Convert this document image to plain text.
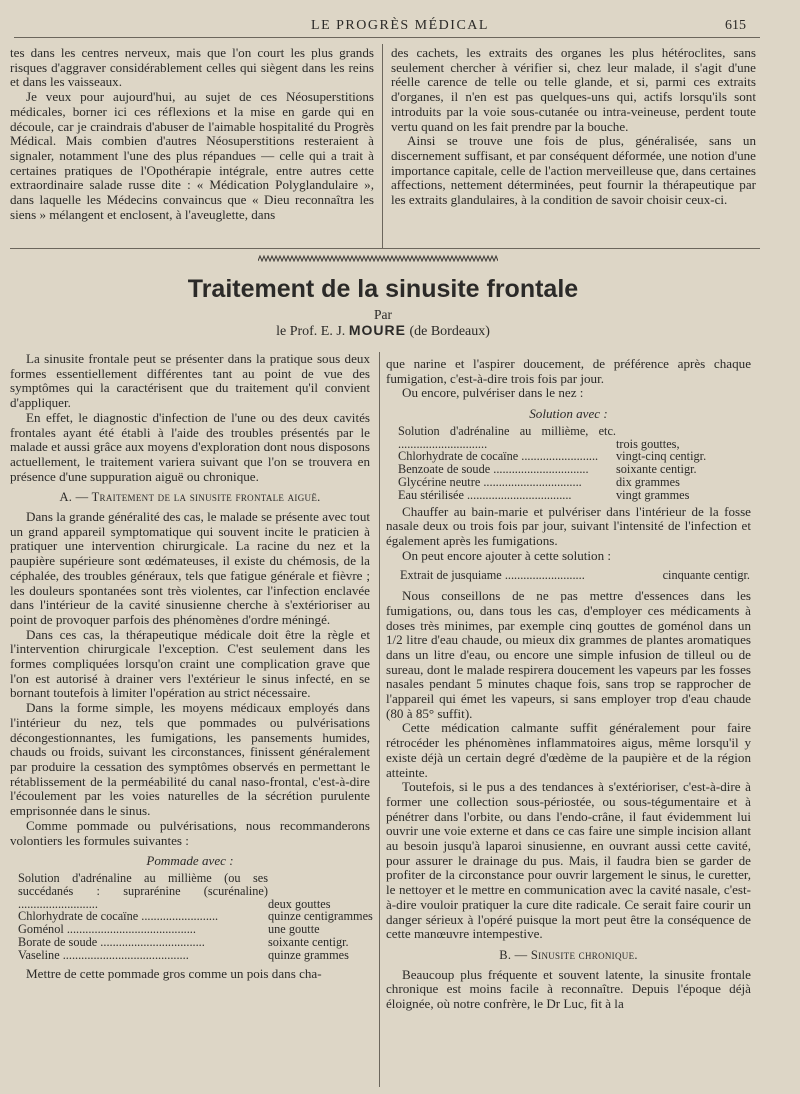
LE PROGRÈS MÉDICAL	615

tes dans les centres nerveux, mais que l'on court les plus grands risques d'aggraver considérablement celles qui siègent dans les reins et dans les vaisseaux.

Je veux pour aujourd'hui, au sujet de ces Néosuperstitions médicales, borner ici ces réflexions et la mise en garde qui en découle, car je craindrais d'abuser de l'aimable hospitalité du Progrès Médical. Mais combien d'autres Néosuperstitions resteraient à signaler, notamment l'une des plus répandues — celle qui a trait à certaines pratiques de l'Opothérapie intégrale, entre autres cette extraordinaire salade russe dite : « Médication Polyglandulaire », dans laquelle les Médecins convaincus que « Dieu reconnaîtra les siens » mélangent et enclosent, à l'aveuglette, dans

des cachets, les extraits des organes les plus hétéroclites, sans seulement chercher à vérifier si, chez leur malade, il s'agit d'une réelle carence de telle ou telle glande, et si, parmi ces extraits d'organes, il n'en est pas quelques-uns qui, actifs lorsqu'ils sont introduits par la voie sous-cutanée ou intra-veineuse, perdent toute vertu quand on les fait prendre par la bouche.

Ainsi se trouve une fois de plus, généralisée, sans un discernement suffisant, et par conséquent déformée, une notion d'une importance capitale, celle de l'action merveilleuse que, dans certaines affections, nettement déterminées, peut fournir la thérapeutique par les extraits glandulaires, à la condition de savoir choisir ceux-ci.

Traitement de la sinusite frontale
Par
le Prof. E. J. MOURE (de Bordeaux)

La sinusite frontale peut se présenter dans la pratique sous deux formes essentiellement différentes tant au point de vue des symptômes qui la caractérisent que du traitement qu'il convient d'appliquer.

En effet, le diagnostic d'infection de l'une ou des deux cavités frontales ayant été établi à l'aide des troubles présentés par le malade et aussi grâce aux moyens d'exploration dont nous disposons actuellement, le traitement variera suivant que l'on se trouvera en présence d'une suppuration aiguë ou chronique.

A. — Traitement de la sinusite frontale aiguë.

Dans la grande généralité des cas, le malade se présente avec tout un grand appareil symptomatique qui souvent incite le praticien à pratiquer une intervention chirurgicale. La racine du nez et la paupière supérieure sont œdémateuses, il existe du chémosis, de la céphalée, des troubles généraux, tels que fatigue générale et fièvre ; les douleurs spontanées sont très violentes, car l'infection enclavée dans l'intérieur de la cavité sinusienne cherche à s'extérioriser au point de provoquer parfois des phénomènes d'ordre méningé.

Dans ces cas, la thérapeutique médicale doit être la règle et l'intervention chirurgicale l'exception. C'est seulement dans les formes compliquées lorsqu'on craint une complication grave que l'on est autorisé à drainer vers l'extérieur le sinus infecté, en se bornant toutefois à limiter l'opération au strict nécessaire.

Dans la forme simple, les moyens médicaux employés dans l'intérieur du nez, tels que pommades ou pulvérisations décongestionnantes, les fumigations, les pansements humides, chauds ou froids, suivant les circonstances, finissent généralement par produire la cessation des symptômes observés en permettant le rétablissement de la perméabilité du canal naso-frontal, c'est-à-dire l'écoulement par les voies naturelles de la sécrétion purulente emprisonnée dans le sinus.

Comme pommade ou pulvérisations, nous recommanderons volontiers les formules suivantes :

Pommade avec :

Solution d'adrénaline au millième (ou ses succédanés : suprarénine (scurénaline) ..........................	deux gouttes
Chlorhydrate de cocaïne .........................	quinze centigrammes
Goménol ..........................................	une goutte
Borate de soude ..................................	soixante centigr.
Vaseline .........................................	quinze grammes

Mettre de cette pommade gros comme un pois dans cha-

que narine et l'aspirer doucement, de préférence après chaque fumigation, c'est-à-dire trois fois par jour.

Ou encore, pulvériser dans le nez :

Solution avec :

Solution d'adrénaline au millième, etc. .............................	trois gouttes,
Chlorhydrate de cocaïne .........................	vingt-cinq centigr.
Benzoate de soude ...............................	soixante centigr.
Glycérine neutre ................................	dix grammes
Eau stérilisée ..................................	vingt grammes

Chauffer au bain-marie et pulvériser dans l'intérieur de la fosse nasale deux ou trois fois par jour, suivant l'intensité de l'infection et également après les fumigations.

On peut encore ajouter à cette solution :

Extrait de jusquiame ..........................	cinquante centigr.

Nous conseillons de ne pas mettre d'essences dans les fumigations, ou, dans tous les cas, d'employer ces médicaments à doses très minimes, par exemple cinq gouttes de goménol dans un 1/2 litre d'eau chaude, ou mieux dix grammes de plantes aromatiques dans un litre d'eau, ou encore une simple infusion de tilleul ou de sureau, dont le malade respirera doucement les vapeurs par les fosses nasales pendant 5 minutes chaque fois, sans trop se rapprocher de l'appareil qui émet les vapeurs, si sans employer trop d'eau chaude (80 à 85° suffit).

Cette médication calmante suffit généralement pour faire rétrocéder les phénomènes inflammatoires aigus, même lorsqu'il y existe déjà un certain degré d'œdème de la paupière et de la région atteinte.

Toutefois, si le pus a des tendances à s'extérioriser, c'est-à-dire à former une collection sous-périostée, ou sous-tégumentaire et à pénétrer dans l'orbite, ou dans l'endo-crâne, il faut évidemment lui ouvrir une voie externe et dans ce cas faire une simple incision allant au besoin jusqu'à laparoi sinusienne, en ouvrant aussi cette cavité, pour assurer le drainage du pus. Mais, il faudra bien se garder de profiter de la circonstance pour ouvrir largement le sinus, le curetter, le nettoyer et le mettre en communication avec la cavité nasale, c'est-à-dire vouloir pratiquer la cure dite radicale. Ce serait faire courir un danger sérieux à l'opéré puisque la mort peut être la conséquence de cette manœuvre intempestive.

B. — Sinusite chronique.

Beaucoup plus fréquente et souvent latente, la sinusite frontale chronique est moins facile à reconnaître. Depuis l'époque déjà éloignée, où notre confrère, le Dr Luc, fit à la
